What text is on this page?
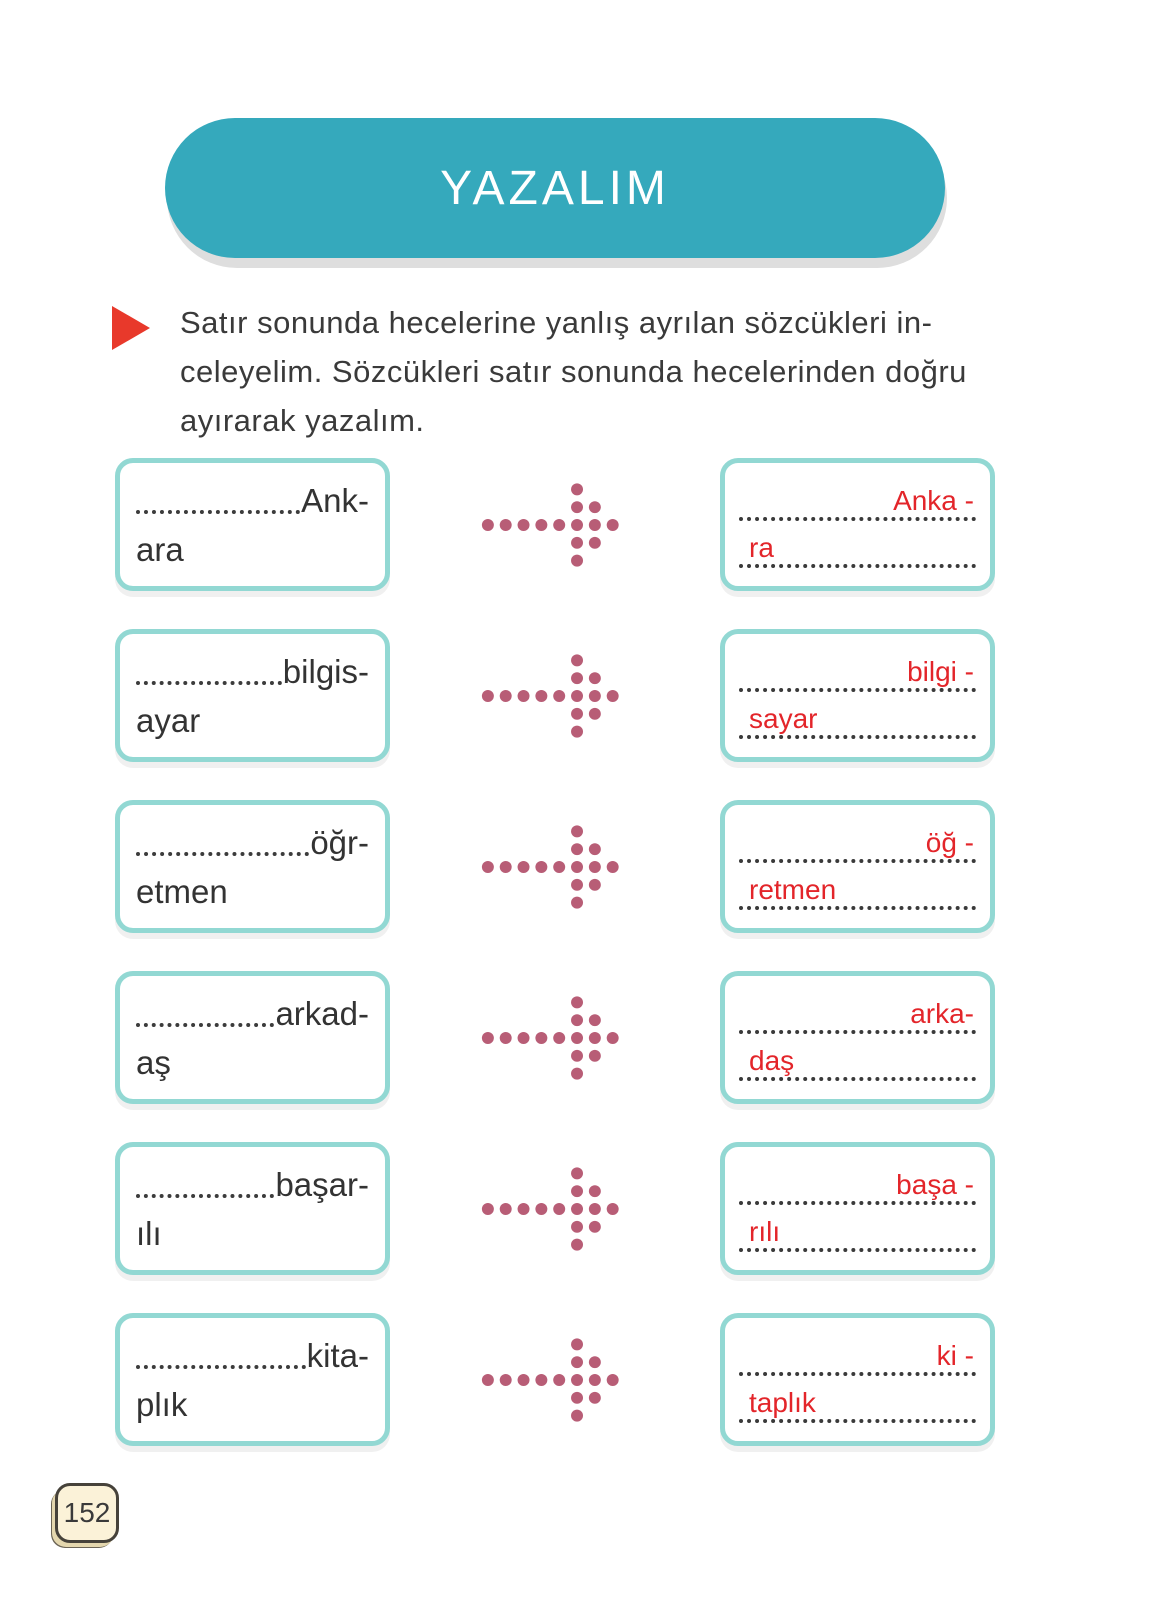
YAZALIM
Satır sonunda hecelerine yanlış ayrılan sözcükleri in-
celeyelim. Sözcükleri satır sonunda hecelerinden doğru
ayırarak yazalım.
Ank-
ara
Anka -
ra
bilgis-
ayar
bilgi -
sayar
öğr-
etmen
öğ -
retmen
arkad-
aş
arka-
daş
başar-
ılı
başa -
rılı
kita-
plık
ki -
taplık
152
